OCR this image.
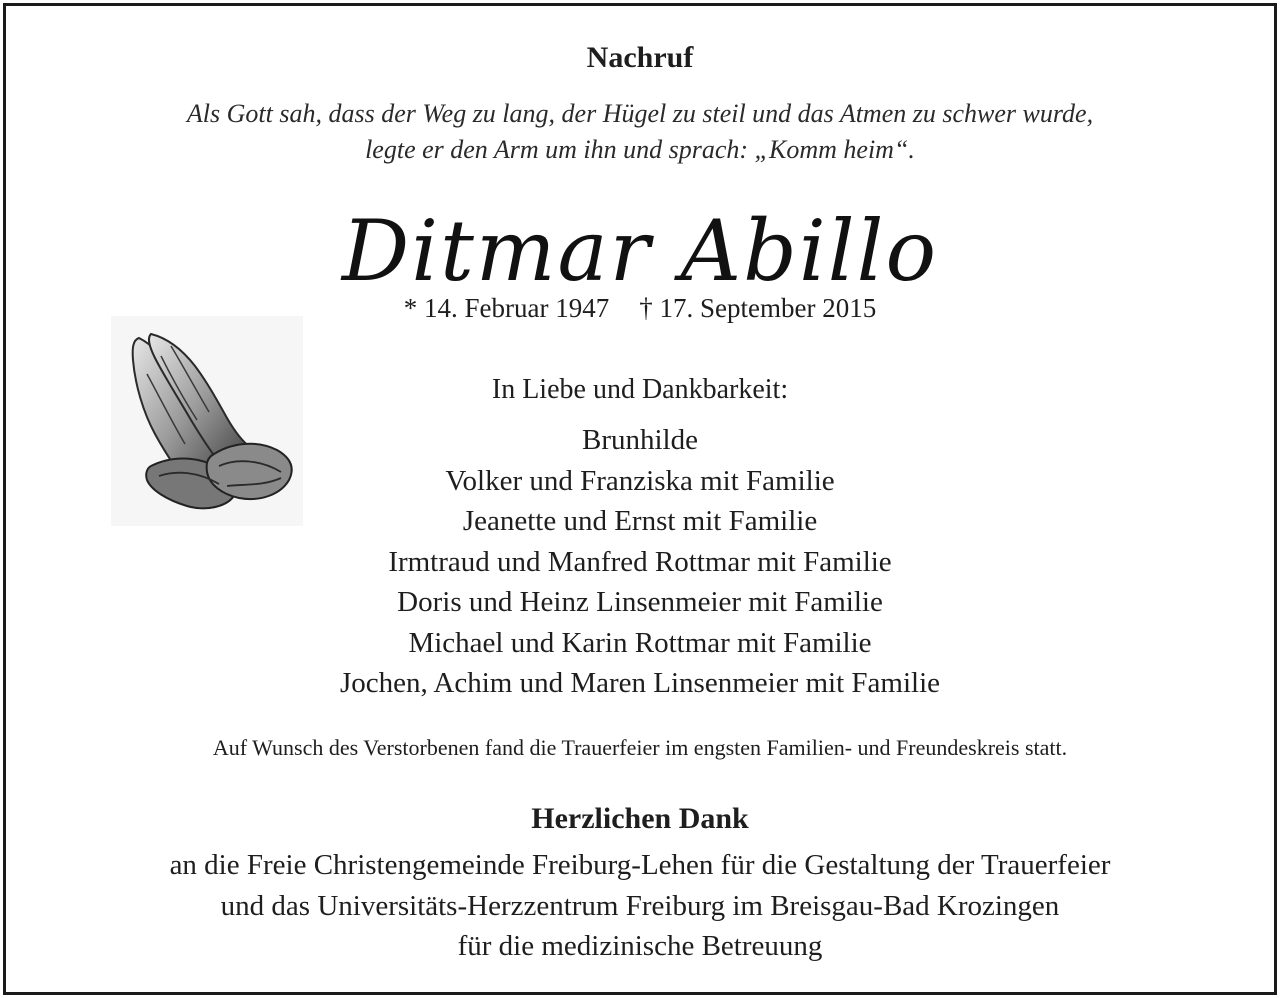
Nachruf
Als Gott sah, dass der Weg zu lang, der Hügel zu steil und das Atmen zu schwer wurde,
legte er den Arm um ihn und sprach: „Komm heim“.
Ditmar Abillo
* 14. Februar 1947 † 17. September 2015
In Liebe und Dankbarkeit:
Brunhilde
Volker und Franziska mit Familie
Jeanette und Ernst mit Familie
Irmtraud und Manfred Rottmar mit Familie
Doris und Heinz Linsenmeier mit Familie
Michael und Karin Rottmar mit Familie
Jochen, Achim und Maren Linsenmeier mit Familie
Auf Wunsch des Verstorbenen fand die Trauerfeier im engsten Familien- und Freundeskreis statt.
Herzlichen Dank
an die Freie Christengemeinde Freiburg-Lehen für die Gestaltung der Trauerfeier
und das Universitäts-Herzzentrum Freiburg im Breisgau-Bad Krozingen
für die medizinische Betreuung
